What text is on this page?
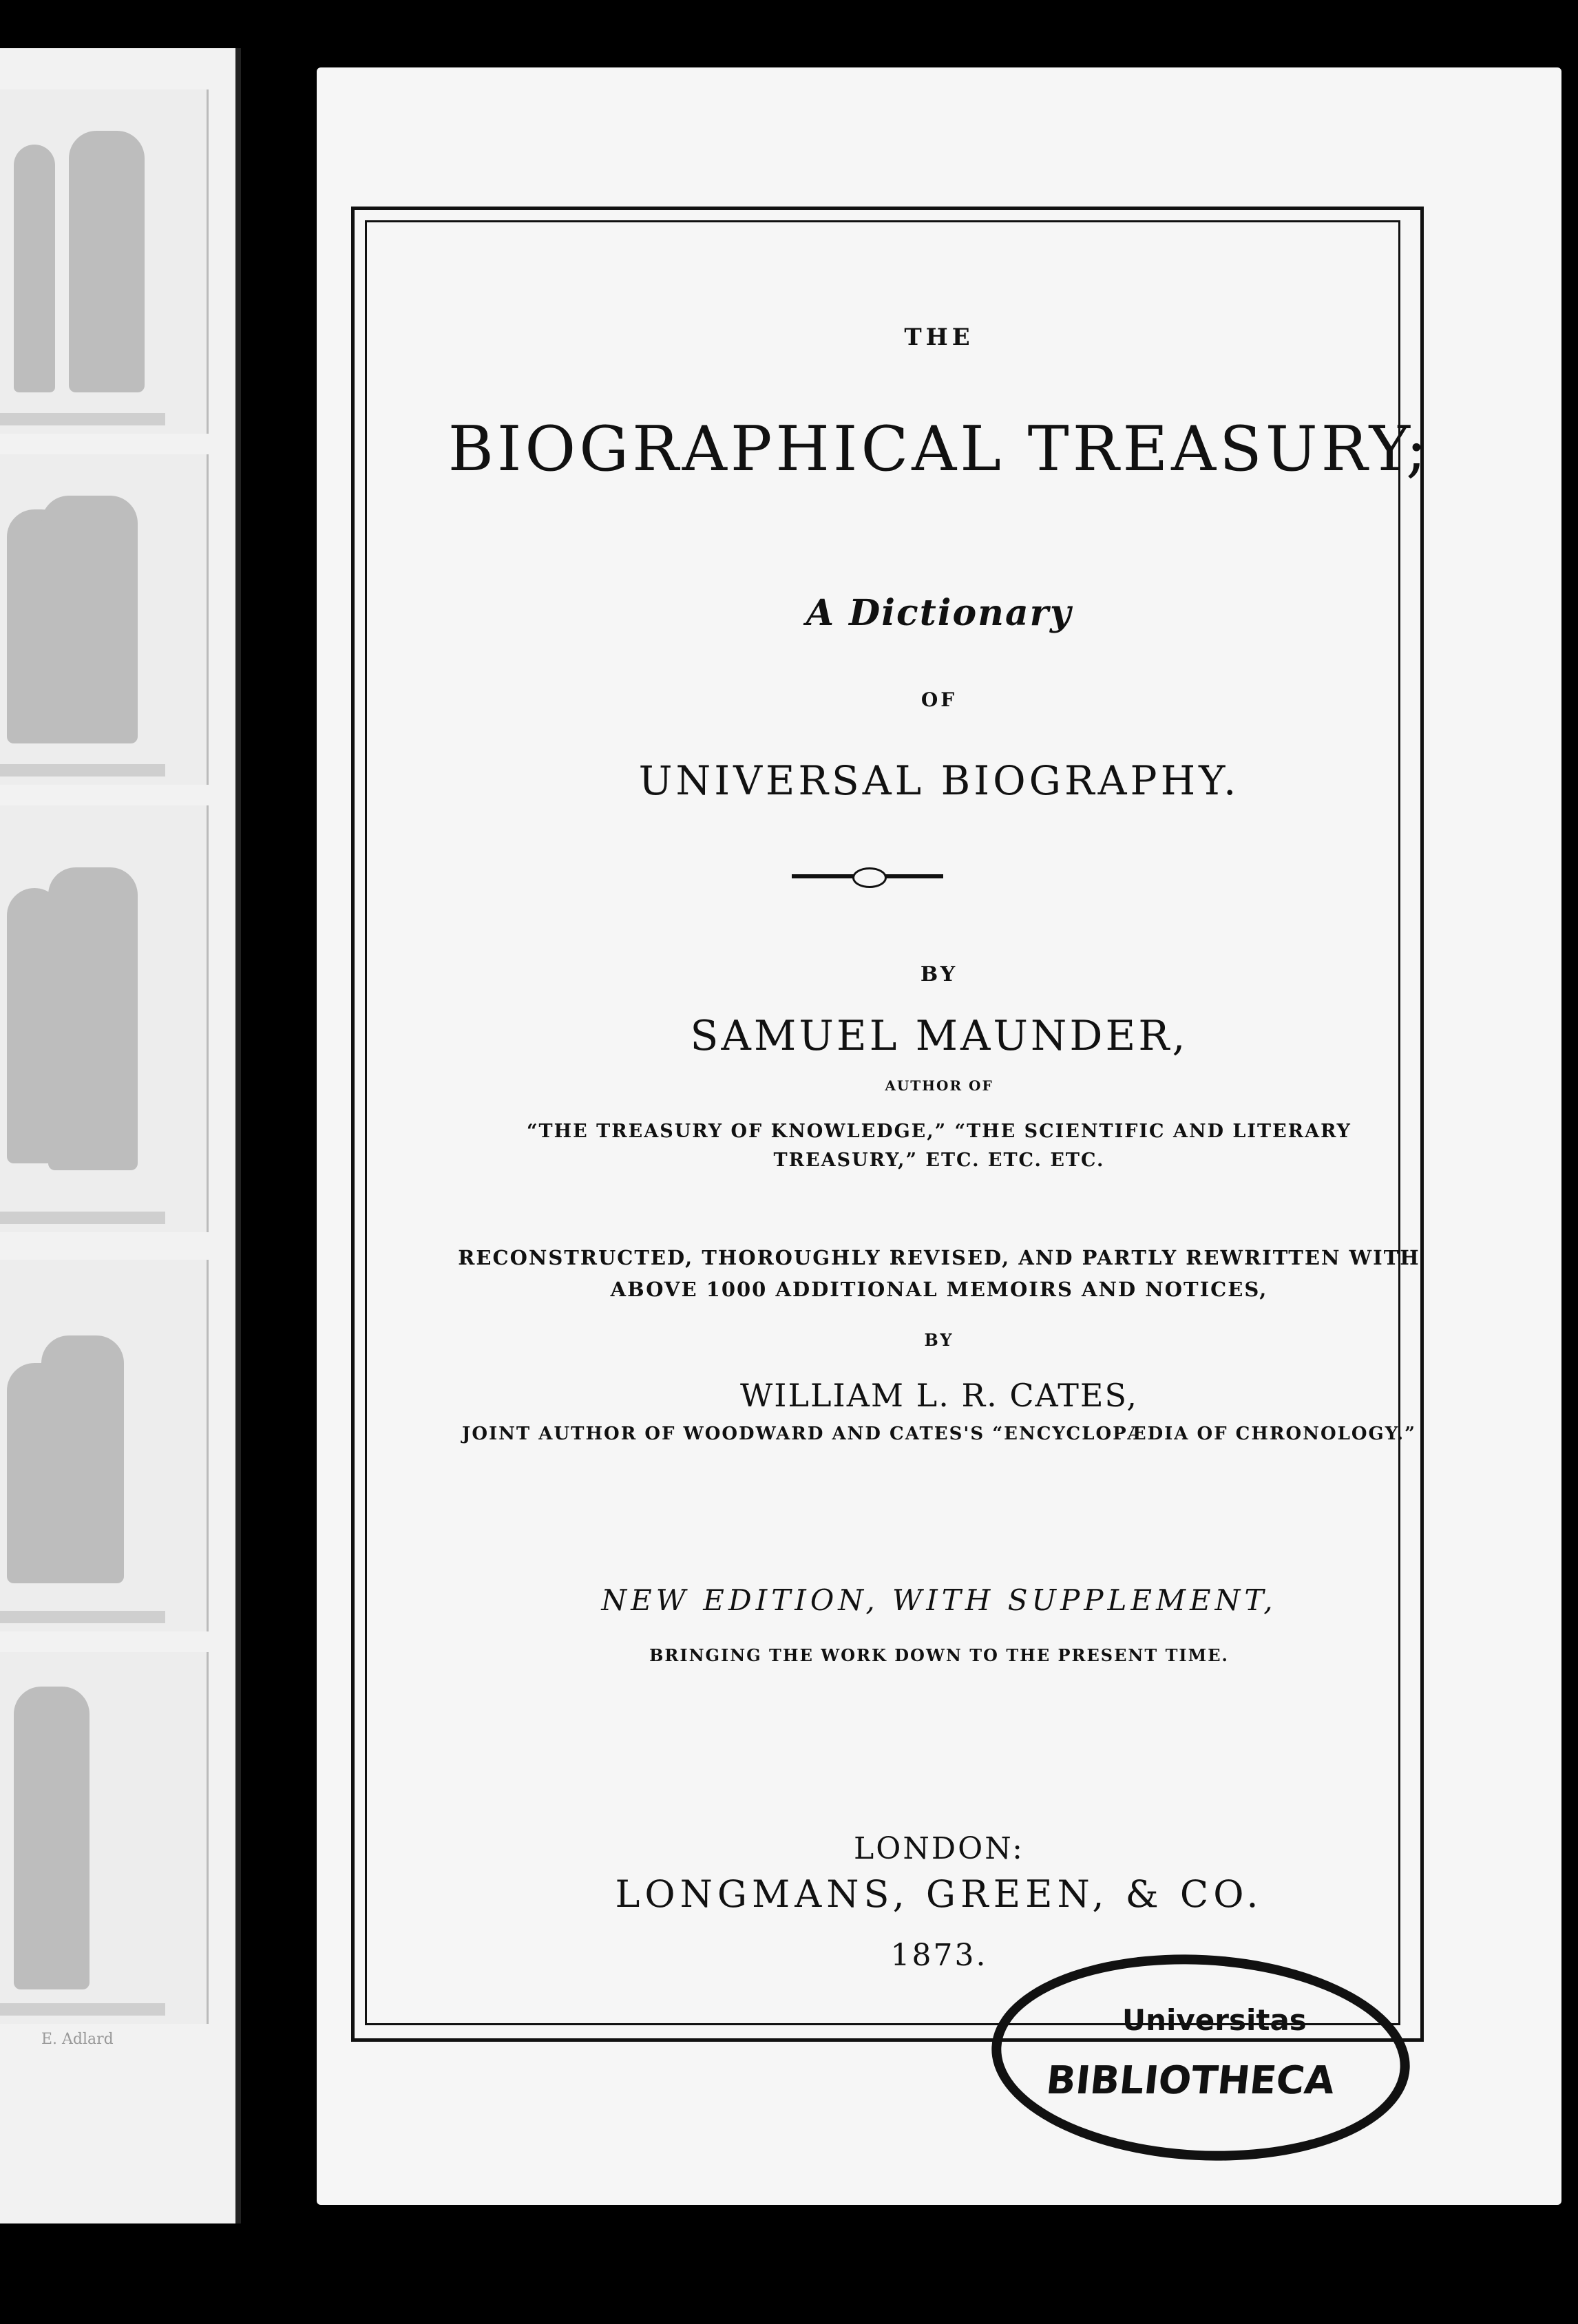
E. Adlard
THE
BIOGRAPHICAL TREASURY;
A Dictionary
OF
UNIVERSAL BIOGRAPHY.
BY
SAMUEL MAUNDER,
AUTHOR OF
“THE TREASURY OF KNOWLEDGE,” “THE SCIENTIFIC AND LITERARY
TREASURY,” ETC. ETC. ETC.
RECONSTRUCTED, THOROUGHLY REVISED, AND PARTLY REWRITTEN WITH
ABOVE 1000 ADDITIONAL MEMOIRS AND NOTICES,
BY
WILLIAM L. R. CATES,
JOINT AUTHOR OF WOODWARD AND CATES'S “ENCYCLOPÆDIA OF CHRONOLOGY.”
NEW EDITION, WITH SUPPLEMENT,
BRINGING THE WORK DOWN TO THE PRESENT TIME.
LONDON:
LONGMANS, GREEN, & CO.
1873.
Universitas
BIBLIOTHECA
